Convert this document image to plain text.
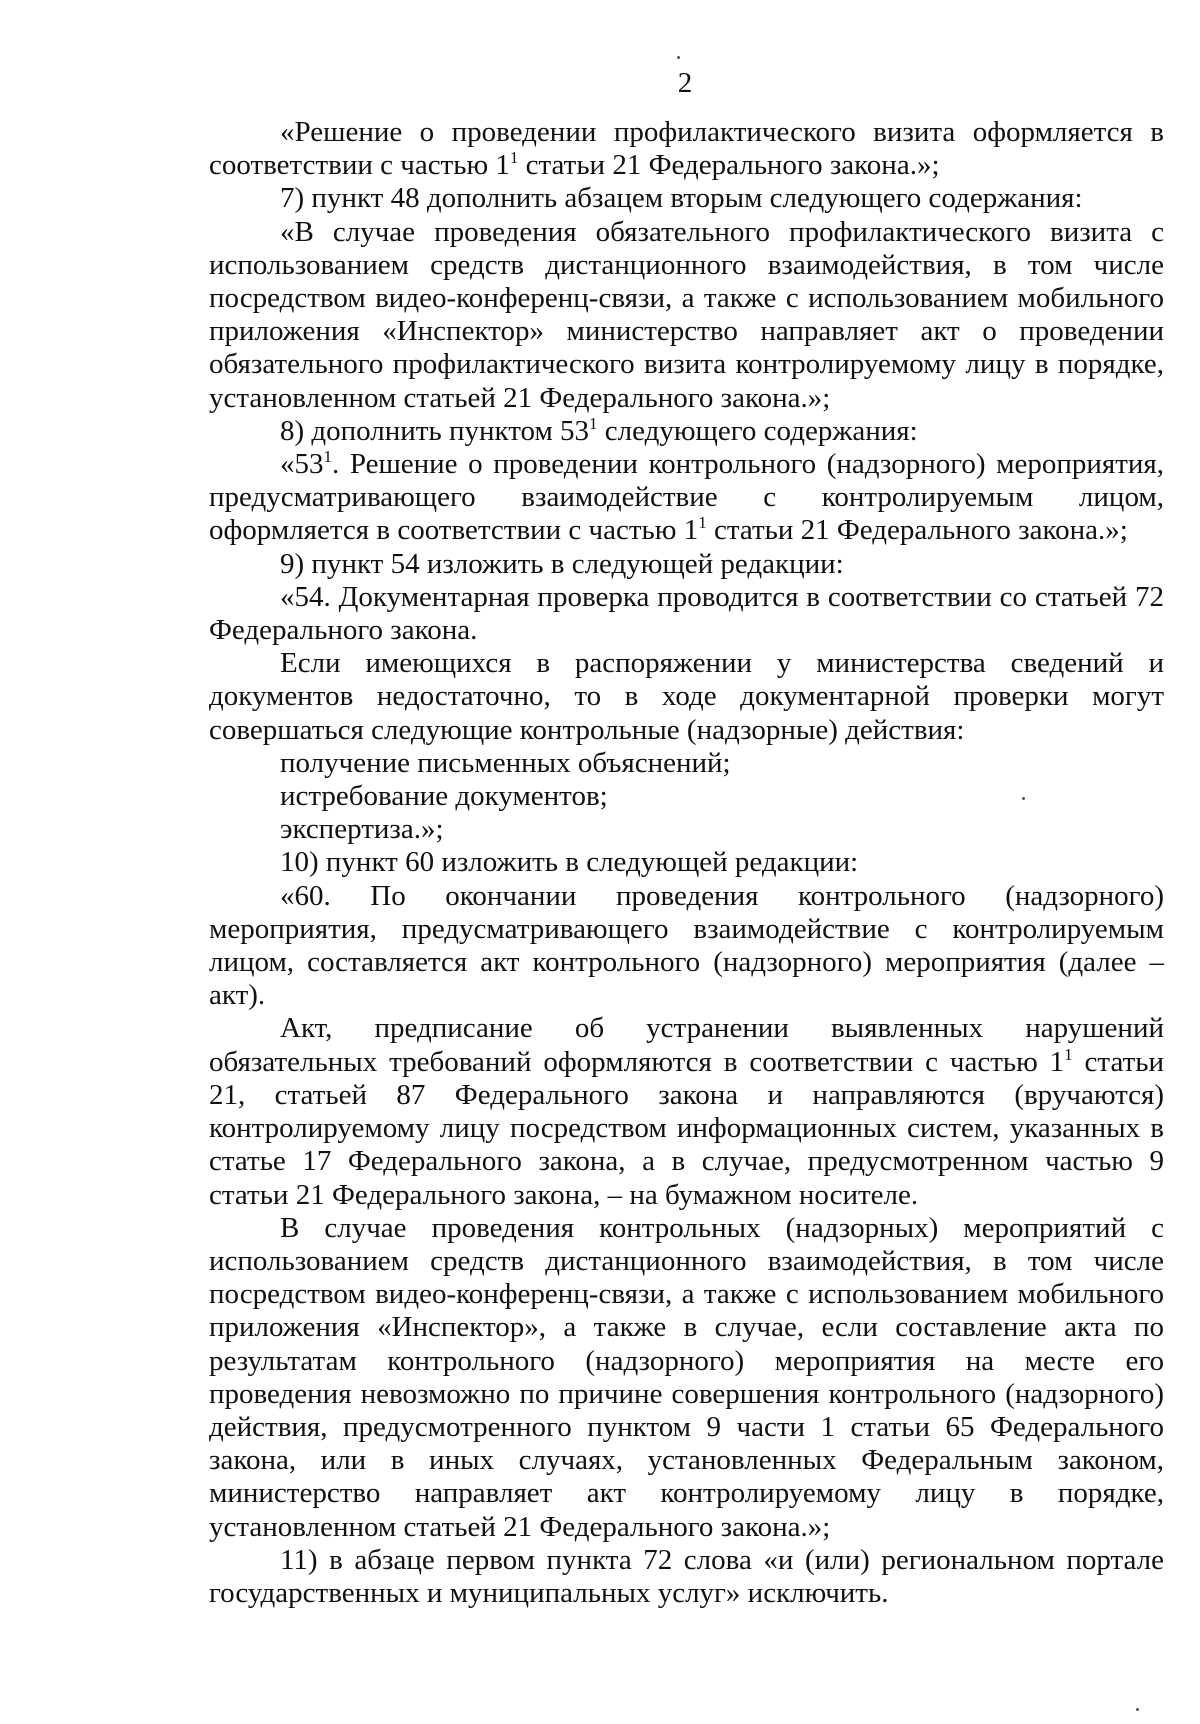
2

«Решение о проведении профилактического визита оформляется в соответствии с частью $1^1$ статьи 21 Федерального закона.»;

7) пункт 48 дополнить абзацем вторым следующего содержания:

«В случае проведения обязательного профилактического визита с использованием средств дистанционного взаимодействия, в том числе посредством видео-конференц-связи, а также с использованием мобильного приложения «Инспектор» министерство направляет акт о проведении обязательного профилактического визита контролируемому лицу в порядке, установленном статьей 21 Федерального закона.»;

8) дополнить пунктом $53^1$ следующего содержания:

«$53^1$. Решение о проведении контрольного (надзорного) мероприятия, предусматривающего взаимодействие с контролируемым лицом, оформляется в соответствии с частью $1^1$ статьи 21 Федерального закона.»;

9) пункт 54 изложить в следующей редакции:

«54. Документарная проверка проводится в соответствии со статьей 72 Федерального закона.

Если имеющихся в распоряжении у министерства сведений и документов недостаточно, то в ходе документарной проверки могут совершаться следующие контрольные (надзорные) действия:

получение письменных объяснений;

истребование документов;

экспертиза.»;

10) пункт 60 изложить в следующей редакции:

«60. По окончании проведения контрольного (надзорного) мероприятия, предусматривающего взаимодействие с контролируемым лицом, составляется акт контрольного (надзорного) мероприятия (далее – акт).

Акт, предписание об устранении выявленных нарушений обязательных требований оформляются в соответствии с частью $1^1$ статьи 21, статьей 87 Федерального закона и направляются (вручаются) контролируемому лицу посредством информационных систем, указанных в статье 17 Федерального закона, а в случае, предусмотренном частью 9 статьи 21 Федерального закона, – на бумажном носителе.

В случае проведения контрольных (надзорных) мероприятий с использованием средств дистанционного взаимодействия, в том числе посредством видео-конференц-связи, а также с использованием мобильного приложения «Инспектор», а также в случае, если составление акта по результатам контрольного (надзорного) мероприятия на месте его проведения невозможно по причине совершения контрольного (надзорного) действия, предусмотренного пунктом 9 части 1 статьи 65 Федерального закона, или в иных случаях, установленных Федеральным законом, министерство направляет акт контролируемому лицу в порядке, установленном статьей 21 Федерального закона.»;

11) в абзаце первом пункта 72 слова «и (или) региональном портале государственных и муниципальных услуг» исключить.
